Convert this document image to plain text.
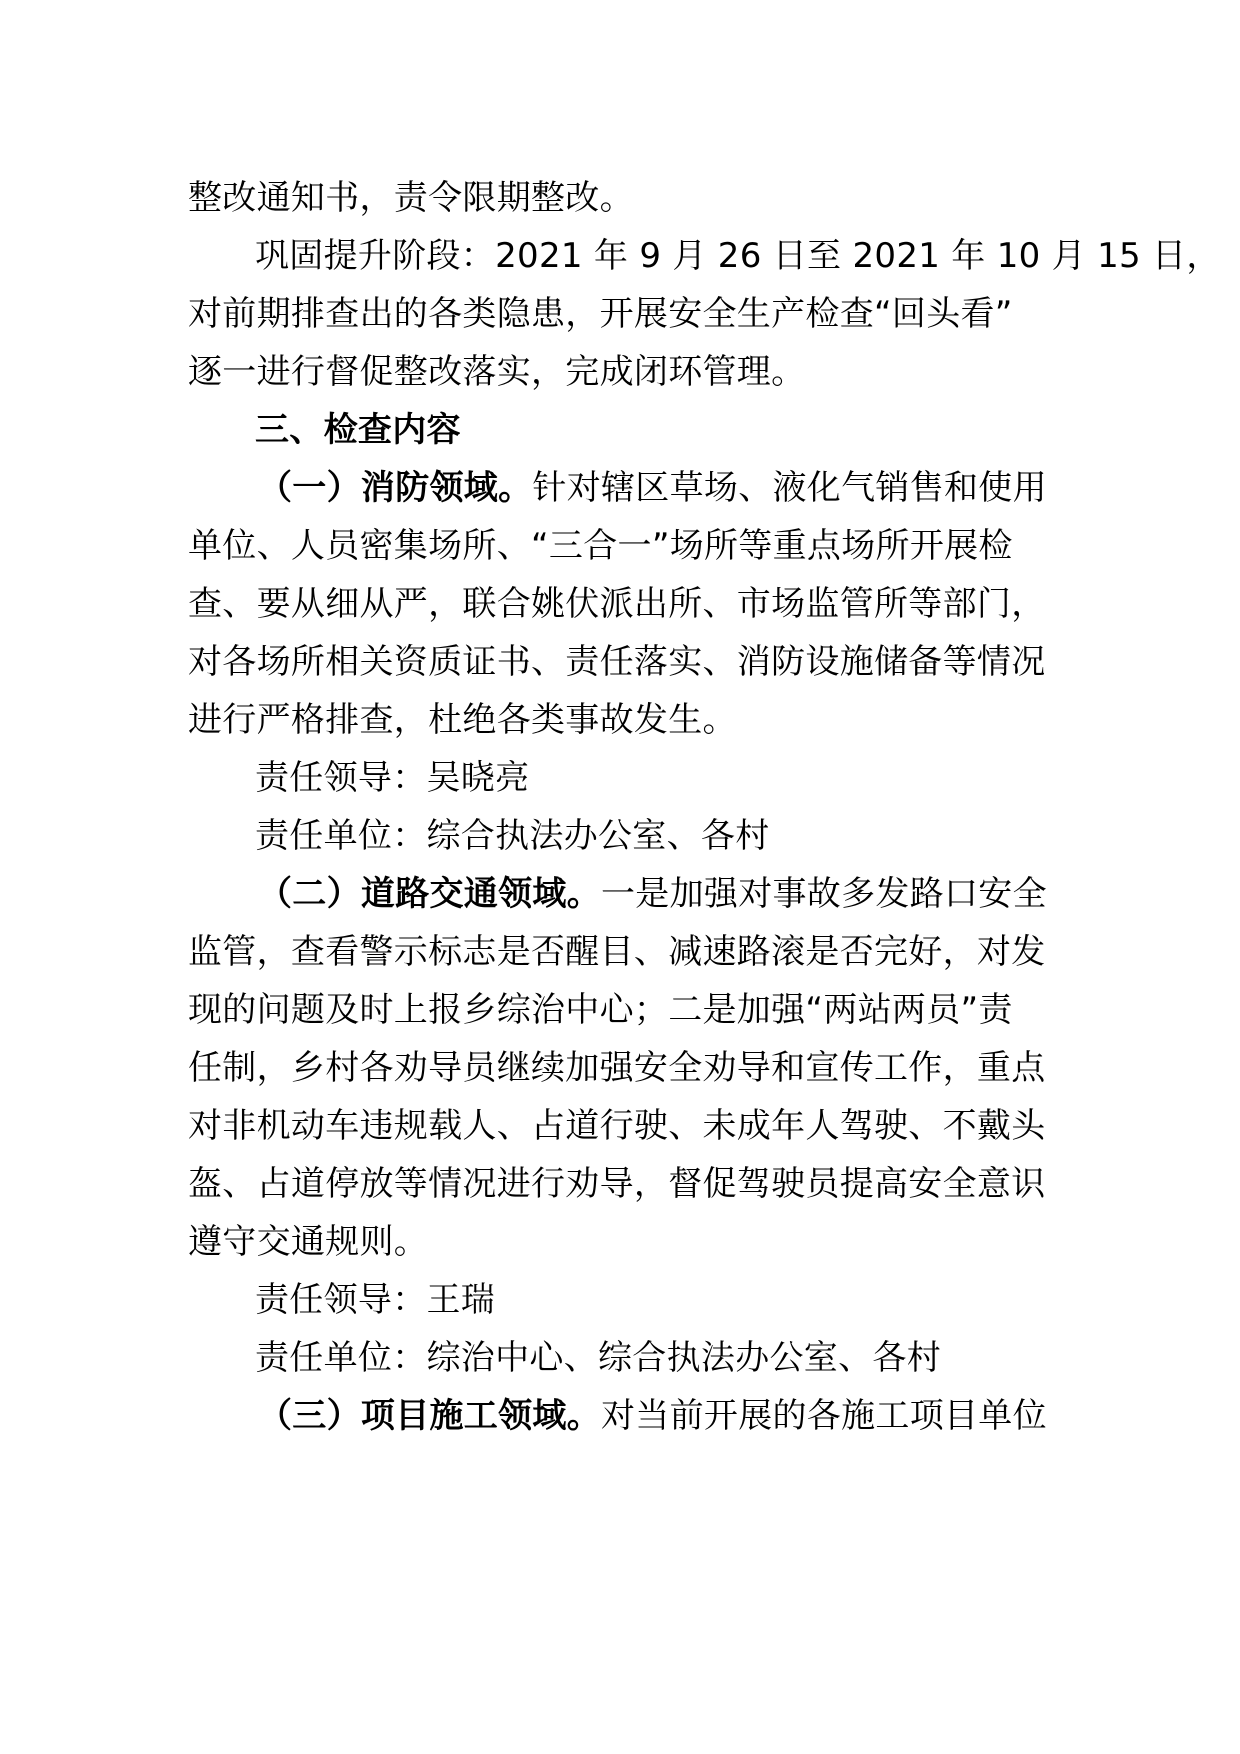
整改通知书，责令限期整改。
巩固提升阶段：2021 年 9 月 26 日至 2021 年 10 月 15 日，
对前期排查出的各类隐患，开展安全生产检查“回头看”
逐一进行督促整改落实，完成闭环管理。
三、检查内容
（一）消防领域。针对辖区草场、液化气销售和使用
单位、人员密集场所、“三合一”场所等重点场所开展检
查、要从细从严，联合姚伏派出所、市场监管所等部门，
对各场所相关资质证书、责任落实、消防设施储备等情况
进行严格排查，杜绝各类事故发生。
责任领导：吴晓亮
责任单位：综合执法办公室、各村
（二）道路交通领域。一是加强对事故多发路口安全
监管，查看警示标志是否醒目、减速路滚是否完好，对发
现的问题及时上报乡综治中心；二是加强“两站两员”责
任制，乡村各劝导员继续加强安全劝导和宣传工作，重点
对非机动车违规载人、占道行驶、未成年人驾驶、不戴头
盔、占道停放等情况进行劝导，督促驾驶员提高安全意识
遵守交通规则。
责任领导：王瑞
责任单位：综治中心、综合执法办公室、各村
（三）项目施工领域。对当前开展的各施工项目单位
